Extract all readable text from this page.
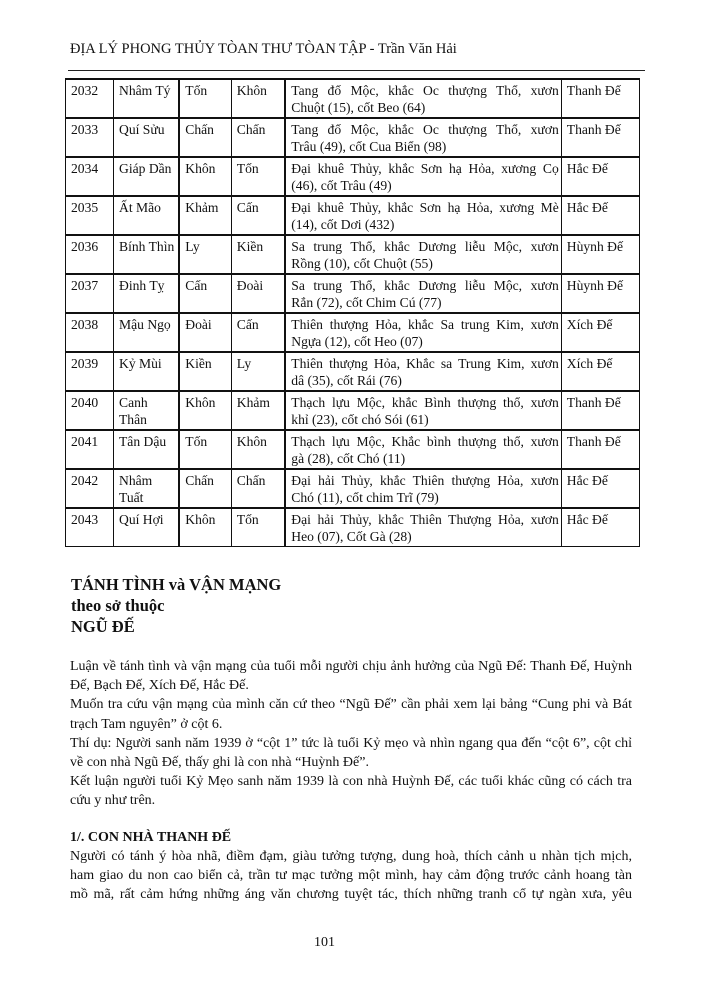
ĐỊA LÝ PHONG THỦY TÒAN THƯ TÒAN TẬP - Trần Văn Hải
2032	Nhâm Tý	Tốn	Khôn	Tang đố Mộc, khắc Oc thượng Thổ, xươn
Chuột (15), cốt Beo (64)	Thanh Đế
2033	Quí Sửu	Chấn	Chấn	Tang đố Mộc, khắc Oc thượng Thổ, xươn
Trâu (49), cốt Cua Biển (98)	Thanh Đế
2034	Giáp Dần	Khôn	Tốn	Đại khuê Thủy, khắc Sơn hạ Hỏa, xương Cọ
(46), cốt Trâu (49)	Hắc Đế
2035	Ất Mão	Khảm	Cấn	Đại khuê Thủy, khắc Sơn hạ Hỏa, xương Mè
(14), cốt Dơi (432)	Hắc Đế
2036	Bính Thìn	Ly	Kiền	Sa trung Thổ, khắc Dương liễu Mộc, xươn
Rồng (10), cốt Chuột (55)	Hùynh Đế
2037	Đinh Tỵ	Cấn	Đoài	Sa trung Thổ, khắc Dương liễu Mộc, xươn
Rắn (72), cốt Chim Cú (77)	Hùynh Đế
2038	Mậu Ngọ	Đoài	Cấn	Thiên thượng Hỏa, khắc Sa trung Kim, xươn
Ngựa (12), cốt Heo (07)	Xích Đế
2039	Kỷ Mùi	Kiền	Ly	Thiên thượng Hỏa, Khắc sa Trung Kim, xươn
dâ (35), cốt Rái (76)	Xích Đế
2040	Canh Thân	Khôn	Khảm	Thạch lựu Mộc, khắc Bình thượng thổ, xươn
khỉ (23), cốt chó Sói (61)	Thanh Đế
2041	Tân Dậu	Tốn	Khôn	Thạch lựu Mộc, Khắc bình thượng thổ, xươn
gà (28), cốt Chó (11)	Thanh Đế
2042	Nhâm Tuất	Chấn	Chấn	Đại hải Thủy, khắc Thiên thượng Hỏa, xươn
Chó (11), cốt chim Trĩ (79)	Hắc Đế
2043	Quí Hợi	Khôn	Tốn	Đại hải Thủy, khắc Thiên Thượng Hỏa, xươn
Heo (07), Cốt Gà (28)	Hắc Đế
TÁNH TÌNH và VẬN MẠNG
theo sở thuộc
NGŨ ĐẾ

Luận về tánh tình và vận mạng của tuổi mỗi người chịu ảnh hưởng của Ngũ Đế: Thanh Đế, Huỳnh Đế, Bạch Đế, Xích Đế, Hắc Đế.

Muốn tra cứu vận mạng của mình căn cứ theo “Ngũ Đế” cần phải xem lại bảng “Cung phi và Bát trạch Tam nguyên” ở cột 6.

Thí dụ: Người sanh năm 1939 ở “cột 1” tức là tuổi Kỷ mẹo và nhìn ngang qua đến “cột 6”, cột chỉ về con nhà Ngũ Đế, thấy ghi là con nhà “Huỳnh Đế”.

Kết luận người tuổi Kỷ Mẹo sanh năm 1939 là con nhà Huỳnh Đế, các tuổi khác cũng có cách tra cứu y như trên.

1/. CON NHÀ THANH ĐẾ

Người có tánh ý hòa nhã, điềm đạm, giàu tưởng tượng, dung hoà, thích cảnh u nhàn tịch mịch,

ham giao du non cao biển cả, trần tư mạc tưởng một mình, hay cảm động trước cảnh hoang tàn

mồ mã, rất cảm hứng những áng văn chương tuyệt tác, thích những tranh cổ tự ngàn xưa, yêu

101
